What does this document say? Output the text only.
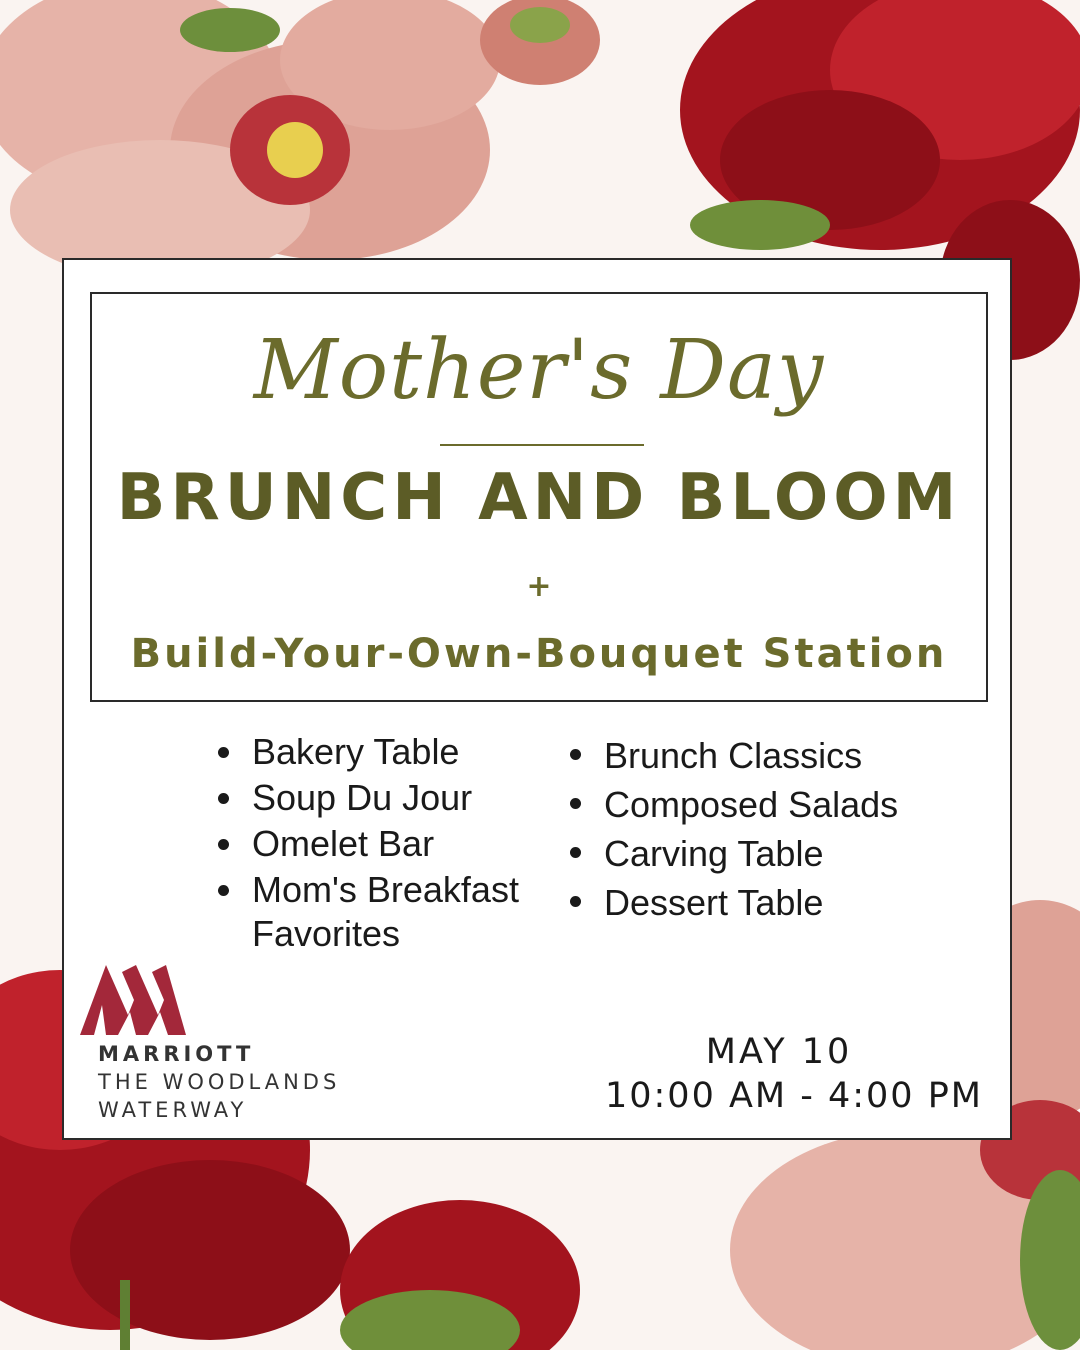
Mother's Day
BRUNCH AND BLOOM
+
Build-Your-Own-Bouquet Station
Bakery Table
Soup Du Jour
Omelet Bar
Mom's Breakfast Favorites
Brunch Classics
Composed Salads
Carving Table
Dessert Table
MARRIOTT
THE WOODLANDS
WATERWAY
MAY 10
10:00 AM - 4:00 PM
